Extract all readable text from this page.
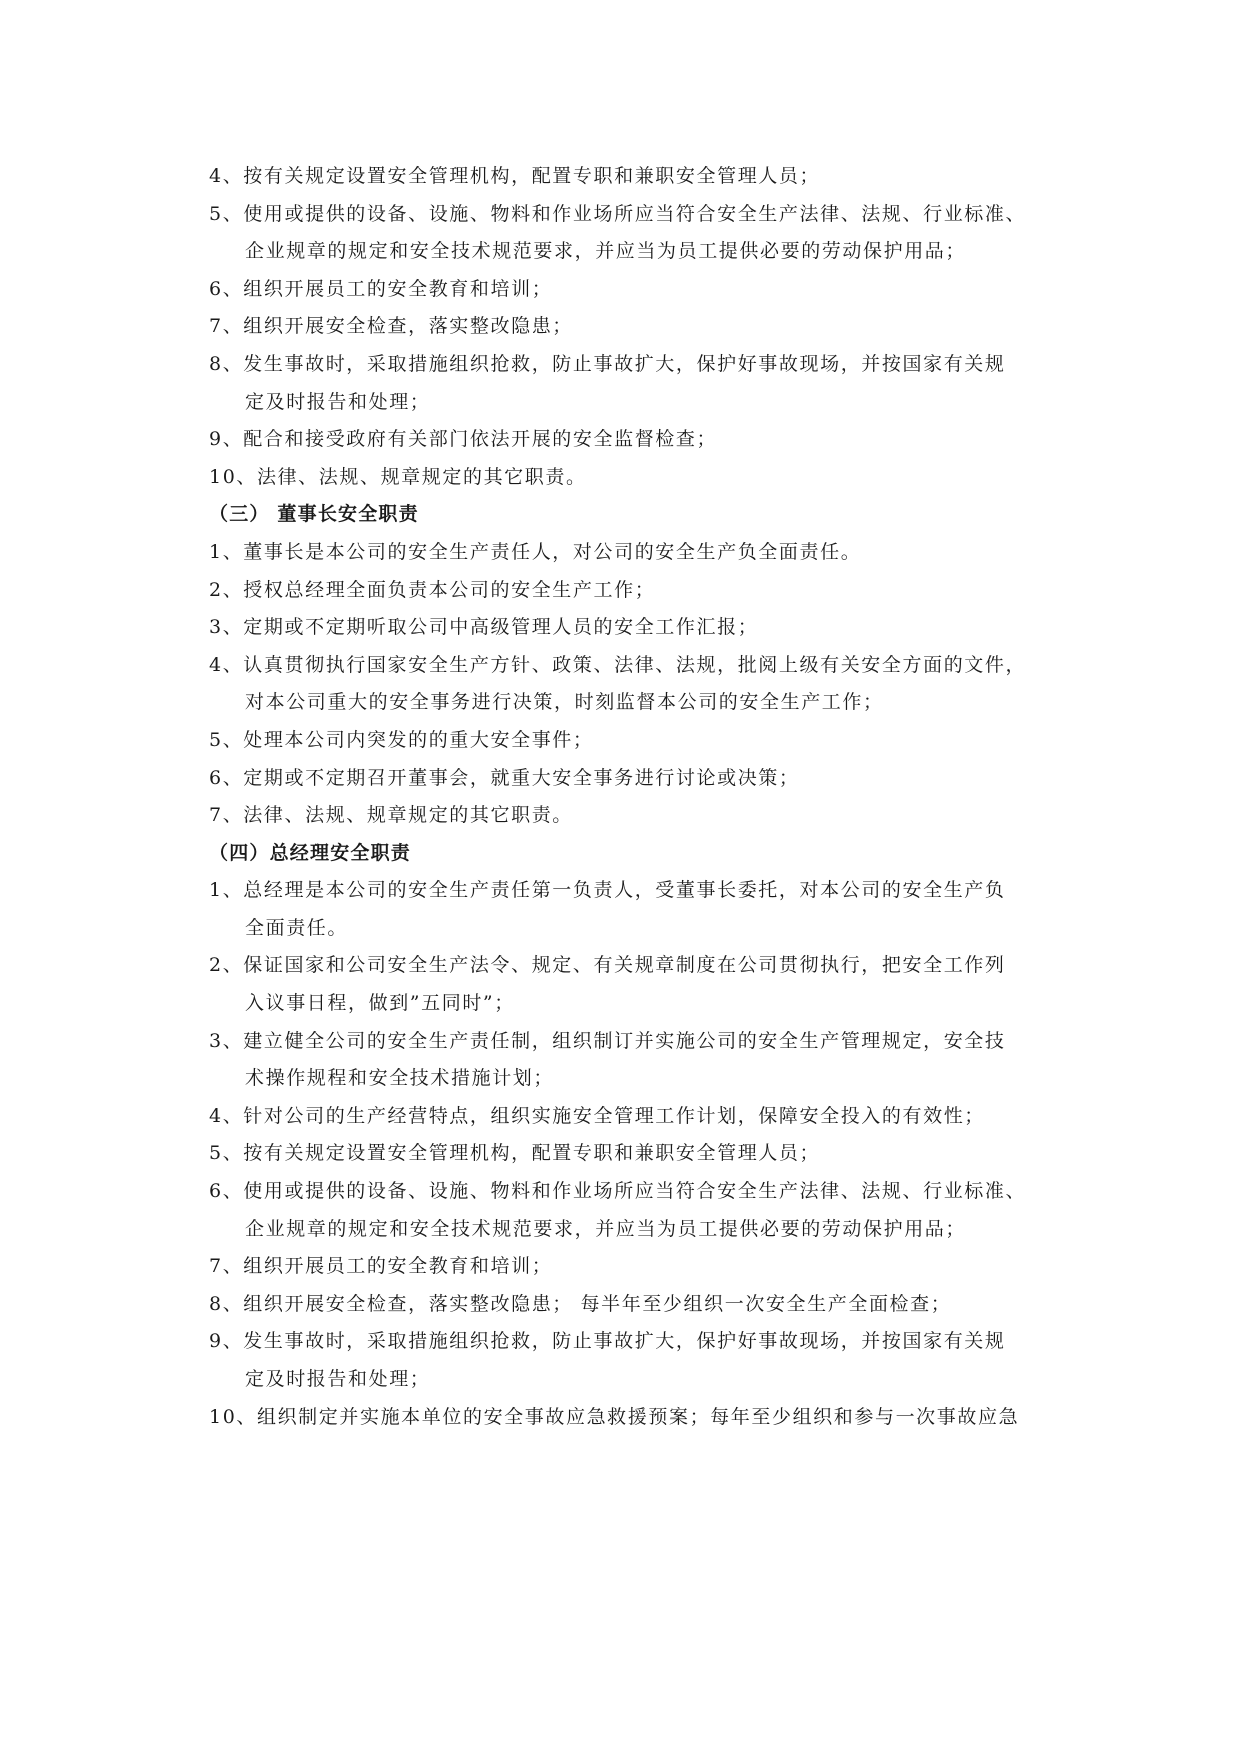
4、按有关规定设置安全管理机构，配置专职和兼职安全管理人员；
5、使用或提供的设备、设施、物料和作业场所应当符合安全生产法律、法规、行业标准、
企业规章的规定和安全技术规范要求，并应当为员工提供必要的劳动保护用品；
6、组织开展员工的安全教育和培训；
7、组织开展安全检查，落实整改隐患；
8、发生事故时，采取措施组织抢救，防止事故扩大，保护好事故现场，并按国家有关规
定及时报告和处理；
9、配合和接受政府有关部门依法开展的安全监督检查；
10、法律、法规、规章规定的其它职责。
（三） 董事长安全职责
1、董事长是本公司的安全生产责任人，对公司的安全生产负全面责任。
2、授权总经理全面负责本公司的安全生产工作；
3、定期或不定期听取公司中高级管理人员的安全工作汇报；
4、认真贯彻执行国家安全生产方针、政策、法律、法规，批阅上级有关安全方面的文件，
对本公司重大的安全事务进行决策，时刻监督本公司的安全生产工作；
5、处理本公司内突发的的重大安全事件；
6、定期或不定期召开董事会，就重大安全事务进行讨论或决策；
7、法律、法规、规章规定的其它职责。
（四）总经理安全职责
1、总经理是本公司的安全生产责任第一负责人，受董事长委托，对本公司的安全生产负
全面责任。
2、保证国家和公司安全生产法令、规定、有关规章制度在公司贯彻执行，把安全工作列
入议事日程，做到”五同时”；
3、建立健全公司的安全生产责任制，组织制订并实施公司的安全生产管理规定，安全技
术操作规程和安全技术措施计划；
4、针对公司的生产经营特点，组织实施安全管理工作计划，保障安全投入的有效性；
5、按有关规定设置安全管理机构，配置专职和兼职安全管理人员；
6、使用或提供的设备、设施、物料和作业场所应当符合安全生产法律、法规、行业标准、
企业规章的规定和安全技术规范要求，并应当为员工提供必要的劳动保护用品；
7、组织开展员工的安全教育和培训；
8、组织开展安全检查，落实整改隐患； 每半年至少组织一次安全生产全面检查；
9、发生事故时，采取措施组织抢救，防止事故扩大，保护好事故现场，并按国家有关规
定及时报告和处理；
10、组织制定并实施本单位的安全事故应急救援预案；每年至少组织和参与一次事故应急
